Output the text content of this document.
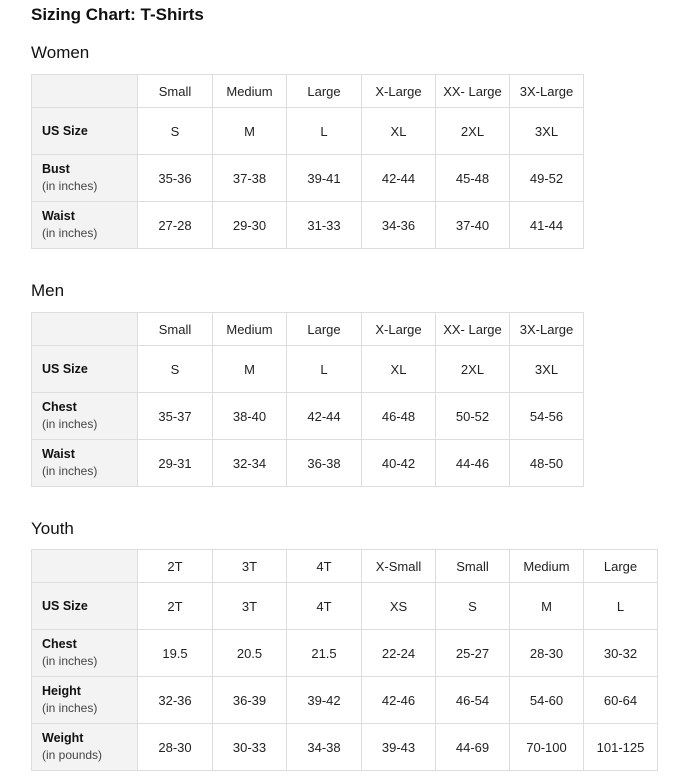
Sizing Chart: T-Shirts
Women
	Small	Medium	Large	X-Large	XX- Large	3X-Large
US Size	S	M	L	XL	2XL	3XL
Bust
(in inches)	35-36	37-38	39-41	42-44	45-48	49-52
Waist
(in inches)	27-28	29-30	31-33	34-36	37-40	41-44
Men
	Small	Medium	Large	X-Large	XX- Large	3X-Large
US Size	S	M	L	XL	2XL	3XL
Chest
(in inches)	35-37	38-40	42-44	46-48	50-52	54-56
Waist
(in inches)	29-31	32-34	36-38	40-42	44-46	48-50
Youth
	2T	3T	4T	X-Small	Small	Medium	Large
US Size	2T	3T	4T	XS	S	M	L
Chest
(in inches)	19.5	20.5	21.5	22-24	25-27	28-30	30-32
Height
(in inches)	32-36	36-39	39-42	42-46	46-54	54-60	60-64
Weight
(in pounds)	28-30	30-33	34-38	39-43	44-69	70-100	101-125
